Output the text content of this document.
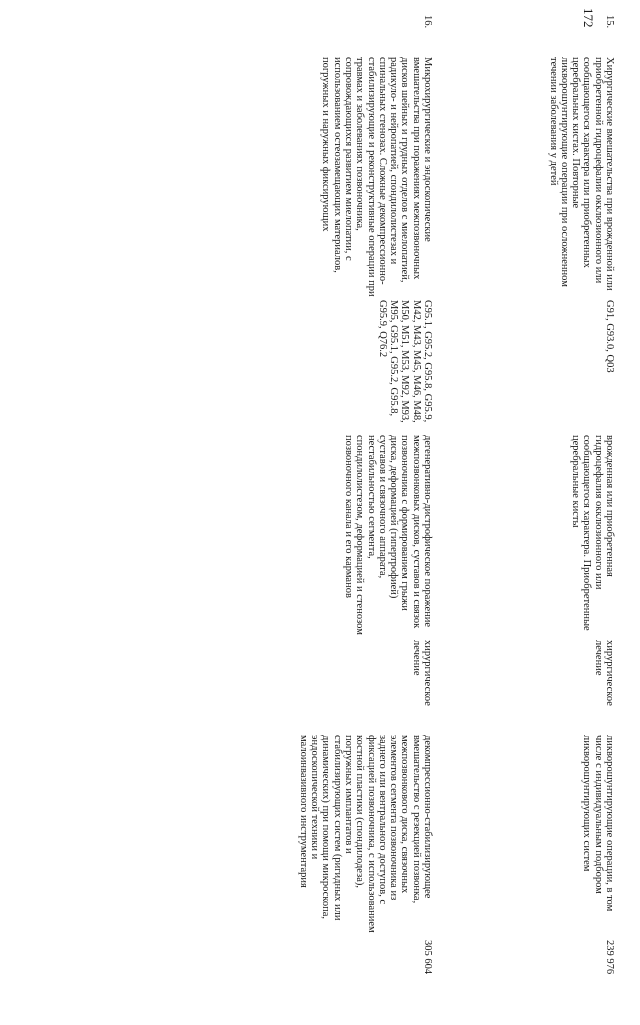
172 15.
Хирургические вмешательства при врожденной или приобретенной гидроцефалии окклюзионного или сообщающегося характера или приобретенных церебральных кистах. Повторные ликворошунтирующие операции при осложненном течении заболевания у детей
G91, G93.0, Q03
врожденная или приобретенная гидроцефалия окклюзионного или сообщающегося характера. Приобретенные церебральные кисты
хирургическое лечение
ликворошунтирующие операции, в том числе с индивидуальным подбором ликворошунтирующих систем
239 976
16.
Микрохирургические и эндоскопические вмешательства при поражениях межпозвоночных дисков шейных и грудных отделов с миелопатией, радикуло- и нейропатией, спондилолистезах и спинальных стенозах. Сложные декомпрессионно-стабилизирующие и реконструктивные операции при травмах и заболеваниях позвоночника, сопровождающихся развитием миелопатии, с использованием остеозамещающих материалов, погружных и наружных фиксирующих
G95.1, G95.2, G95.8, G95.9, M42, M43, M45, M46, M48, M50, M51, M53, M92, M93, M95, G95.1, G95.2, G95.8, G95.9, Q76.2
дегенеративно-дистрофическое поражение межпозвонковых дисков, суставов и связок позвоночника с формированием грыжи диска, деформацией (гипертрофией) суставов и связочного аппарата, нестабильностью сегмента, спондилолистезом, деформацией и стенозом позвоночного канала и его карманов
хирургическое лечение
декомпрессионно-стабилизирующее вмешательство с резекцией позвонка, межпозвонкового диска, связочных элементов сегмента позвоночника из заднего или вентрального доступов, с фиксацией позвоночника, с использованием костной пластики (спондилодеза), погружных имплантатов и стабилизирующих систем (ригидных или динамических) при помощи микроскопа, эндоскопической техники и малоинвазивного инструментария
305 604
